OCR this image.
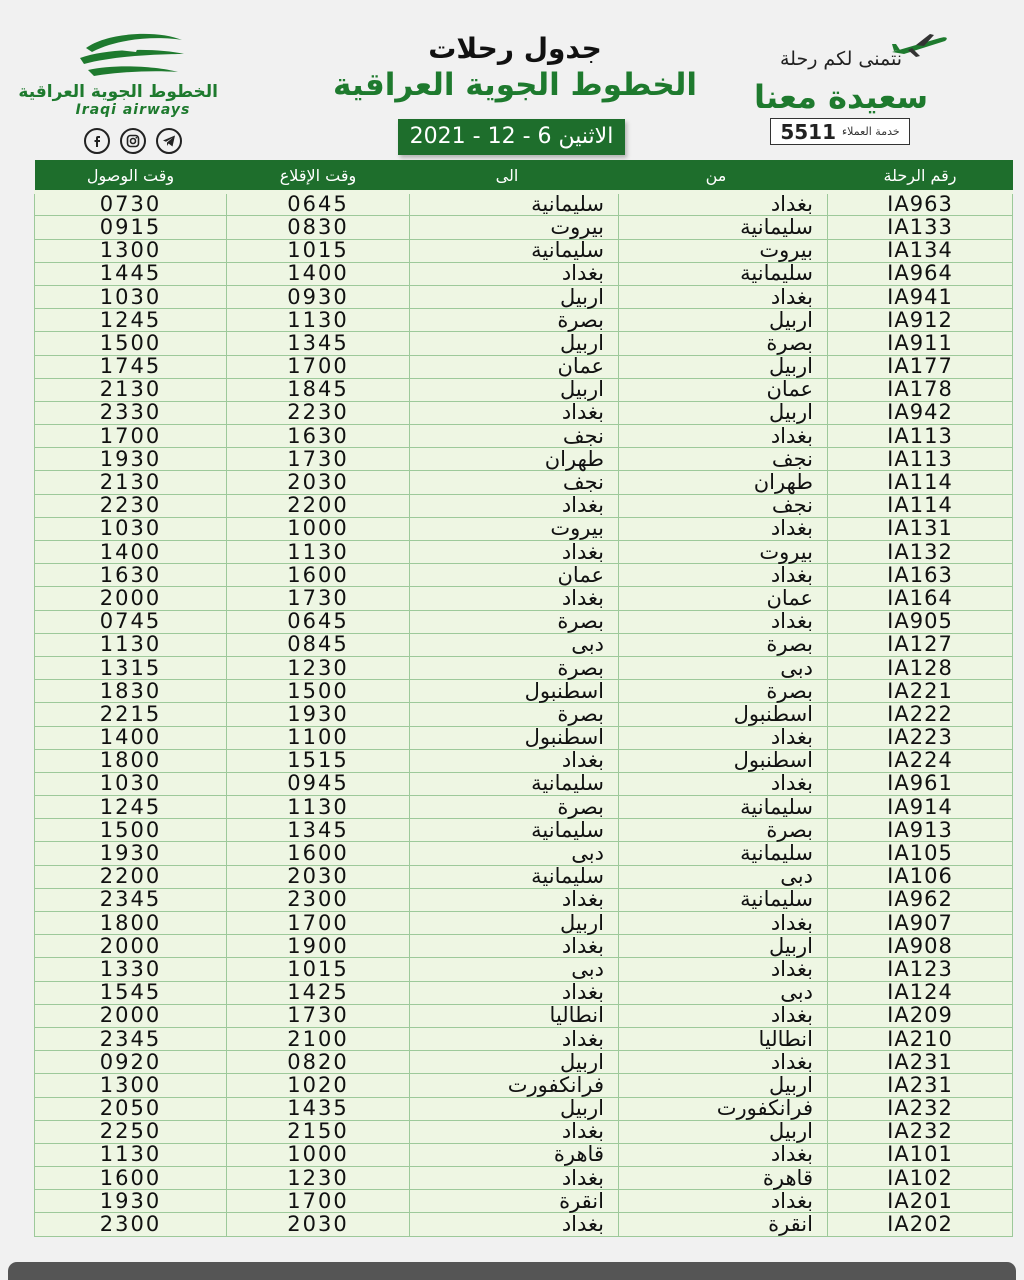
الخطوط الجوية العراقية
Iraqi airways
جدول رحلات
الخطوط الجوية العراقية
الاثنين 6 - 12 - 2021
نتمنى لكم رحلة
سعيدة معنا
خدمة العملاء
5511
رقم الرحلة	من	الى	وقت الإقلاع	وقت الوصول
IA963	بغداد	سليمانية	0645	0730
IA133	سليمانية	بيروت	0830	0915
IA134	بيروت	سليمانية	1015	1300
IA964	سليمانية	بغداد	1400	1445
IA941	بغداد	اربيل	0930	1030
IA912	اربيل	بصرة	1130	1245
IA911	بصرة	اربيل	1345	1500
IA177	اربيل	عمان	1700	1745
IA178	عمان	اربيل	1845	2130
IA942	اربيل	بغداد	2230	2330
IA113	بغداد	نجف	1630	1700
IA113	نجف	طهران	1730	1930
IA114	طهران	نجف	2030	2130
IA114	نجف	بغداد	2200	2230
IA131	بغداد	بيروت	1000	1030
IA132	بيروت	بغداد	1130	1400
IA163	بغداد	عمان	1600	1630
IA164	عمان	بغداد	1730	2000
IA905	بغداد	بصرة	0645	0745
IA127	بصرة	دبى	0845	1130
IA128	دبى	بصرة	1230	1315
IA221	بصرة	اسطنبول	1500	1830
IA222	اسطنبول	بصرة	1930	2215
IA223	بغداد	اسطنبول	1100	1400
IA224	اسطنبول	بغداد	1515	1800
IA961	بغداد	سليمانية	0945	1030
IA914	سليمانية	بصرة	1130	1245
IA913	بصرة	سليمانية	1345	1500
IA105	سليمانية	دبى	1600	1930
IA106	دبى	سليمانية	2030	2200
IA962	سليمانية	بغداد	2300	2345
IA907	بغداد	اربيل	1700	1800
IA908	اربيل	بغداد	1900	2000
IA123	بغداد	دبى	1015	1330
IA124	دبى	بغداد	1425	1545
IA209	بغداد	انطاليا	1730	2000
IA210	انطاليا	بغداد	2100	2345
IA231	بغداد	اربيل	0820	0920
IA231	اربيل	فرانكفورت	1020	1300
IA232	فرانكفورت	اربيل	1435	2050
IA232	اربيل	بغداد	2150	2250
IA101	بغداد	قاهرة	1000	1130
IA102	قاهرة	بغداد	1230	1600
IA201	بغداد	انقرة	1700	1930
IA202	انقرة	بغداد	2030	2300
